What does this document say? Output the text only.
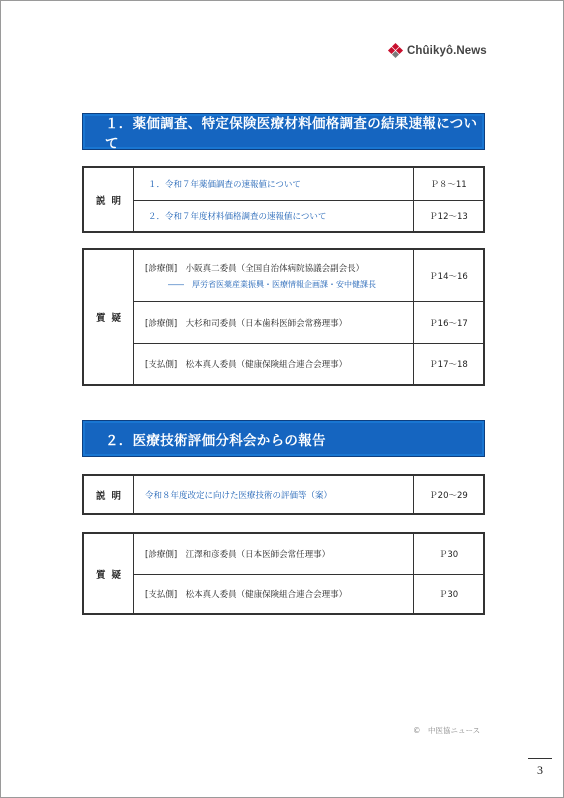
Chûikyô.News
１．薬価調査、特定保険医療材料価格調査の結果速報について
説明
１．令和７年薬価調査の速報値について	Ｐ８〜11
２．令和７年度材料価格調査の速報値について	Ｐ12〜13
質疑
[診療側]　小阪真二委員（全国自治体病院協議会副会長）
――　厚労省医薬産業振興・医療情報企画課・安中健課長
Ｐ14〜16
[診療側]　大杉和司委員（日本歯科医師会常務理事）	Ｐ16〜17
[支払側]　松本真人委員（健康保険組合連合会理事）	Ｐ17〜18
２．医療技術評価分科会からの報告
説明	令和８年度改定に向けた医療技術の評価等（案）	Ｐ20〜29
質疑
[診療側]　江澤和彦委員（日本医師会常任理事）	Ｐ30
[支払側]　松本真人委員（健康保険組合連合会理事）	Ｐ30
©　中医協ニュース
3
